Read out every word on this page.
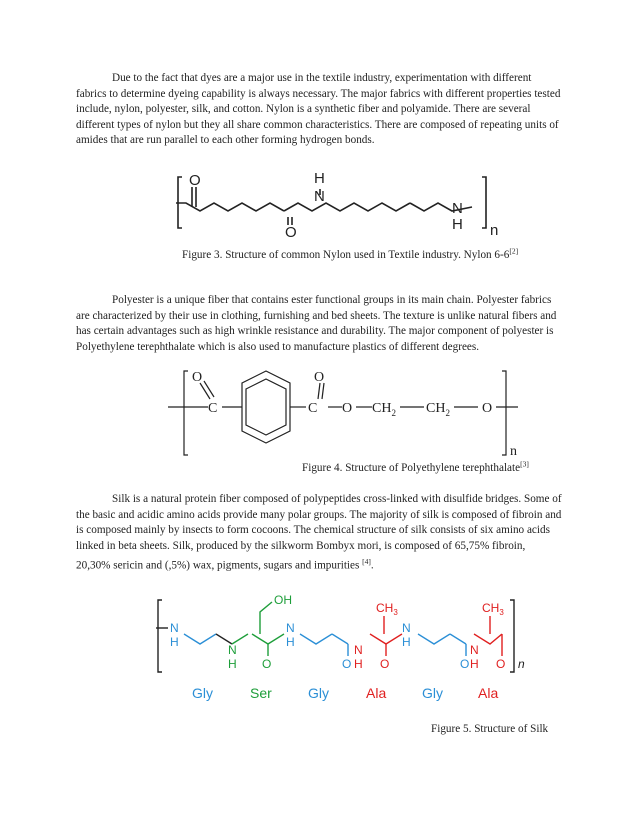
Due to the fact that dyes are a major use in the textile industry, experimentation with different fabrics to determine dyeing capability is always necessary. The major fabrics with different properties tested include, nylon, polyester, silk, and cotton. Nylon is a synthetic fiber and polyamide. There are several different types of nylon but they all share common characteristics. There are composed of repeating units of amides that are run parallel to each other forming hydrogen bonds.

O	H
N
O
N
H n
Figure 3. Structure of common Nylon used in Textile industry. Nylon 6-6[2]

Polyester is a unique fiber that contains ester functional groups in its main chain. Polyester fabrics are characterized by their use in clothing, furnishing and bed sheets. The texture is unlike natural fibers and has certain advantages such as high wrinkle resistance and durability. The major component of polyester is Polyethylene terephthalate which is also used to manufacture plastics of different degrees.

O
C
O
C O $CH_2$ $CH_2$ O
n
Figure 4. Structure of Polyethylene terephthalate[3]

Silk is a natural protein fiber composed of polypeptides cross-linked with disulfide bridges. Some of the basic and acidic amino acids provide many polar groups. The majority of silk is composed of fibroin and is composed mainly by insects to form cocoons. The chemical structure of silk consists of six amino acids linked in beta sheets. Silk, produced by the silkworm Bombyx mori, is composed of 65,75% fibroin, 20,30% sericin and (,5%) wax, pigments, sugars and impurities [4].

N
H
OH
N
H O
N
H
O
N
H
$CH_3$
O
N
H
O
N
H
$CH_3$
O n
Gly	Ser	Gly	Ala	Gly	Ala
Figure 5. Structure of Silk
